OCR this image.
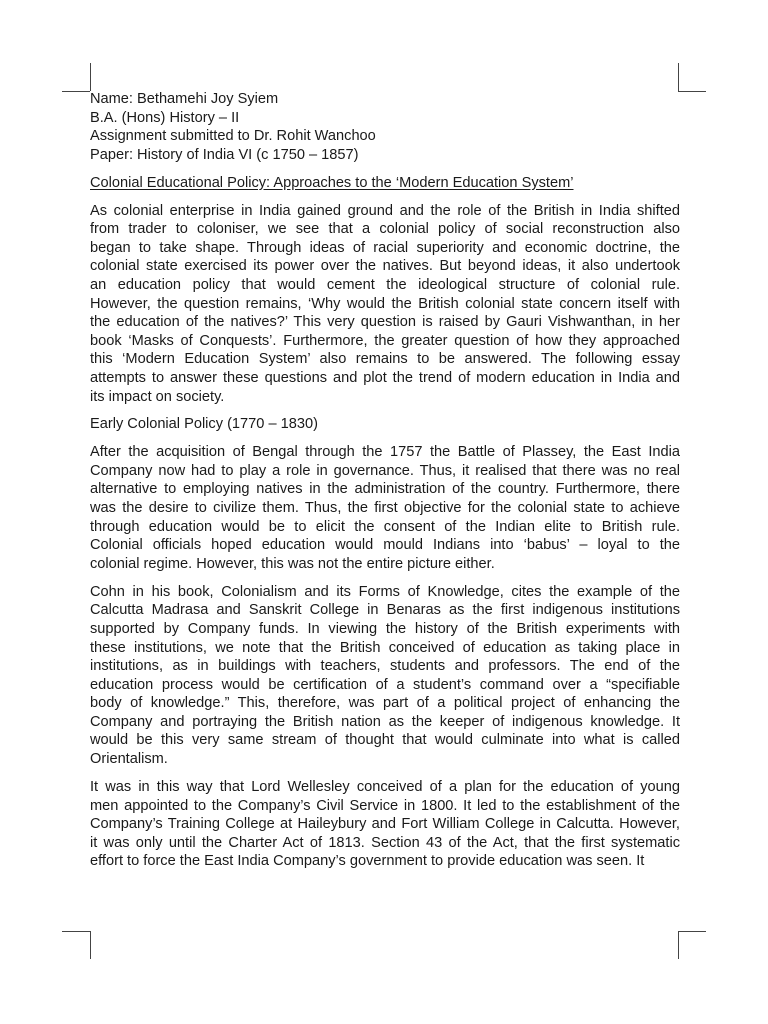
Name: Bethamehi Joy Syiem
B.A. (Hons) History – II
Assignment submitted to Dr. Rohit Wanchoo
Paper: History of India VI (c 1750 – 1857)
Colonial Educational Policy: Approaches to the ‘Modern Education System’
As colonial enterprise in India gained ground and the role of the British in India shifted
from trader to coloniser, we see that a colonial policy of social reconstruction also
began to take shape. Through ideas of racial superiority and economic doctrine, the
colonial state exercised its power over the natives. But beyond ideas, it also undertook
an education policy that would cement the ideological structure of colonial rule.
However, the question remains, ‘Why would the British colonial state concern itself with
the education of the natives?’ This very question is raised by Gauri Vishwanthan, in her
book ‘Masks of Conquests’. Furthermore, the greater question of how they approached
this ‘Modern Education System’ also remains to be answered. The following essay
attempts to answer these questions and plot the trend of modern education in India and
its impact on society.
Early Colonial Policy (1770 – 1830)
After the acquisition of Bengal through the 1757 the Battle of Plassey, the East India
Company now had to play a role in governance. Thus, it realised that there was no real
alternative to employing natives in the administration of the country. Furthermore, there
was the desire to civilize them. Thus, the first objective for the colonial state to achieve
through education would be to elicit the consent of the Indian elite to British rule.
Colonial officials hoped education would mould Indians into ‘babus’ – loyal to the
colonial regime. However, this was not the entire picture either.
Cohn in his book, Colonialism and its Forms of Knowledge, cites the example of the
Calcutta Madrasa and Sanskrit College in Benaras as the first indigenous institutions
supported by Company funds. In viewing the history of the British experiments with
these institutions, we note that the British conceived of education as taking place in
institutions, as in buildings with teachers, students and professors. The end of the
education process would be certification of a student’s command over a “specifiable
body of knowledge.” This, therefore, was part of a political project of enhancing the
Company and portraying the British nation as the keeper of indigenous knowledge. It
would be this very same stream of thought that would culminate into what is called
Orientalism.
It was in this way that Lord Wellesley conceived of a plan for the education of young
men appointed to the Company’s Civil Service in 1800. It led to the establishment of the
Company’s Training College at Haileybury and Fort William College in Calcutta. However,
it was only until the Charter Act of 1813. Section 43 of the Act, that the first systematic
effort to force the East India Company’s government to provide education was seen. It
